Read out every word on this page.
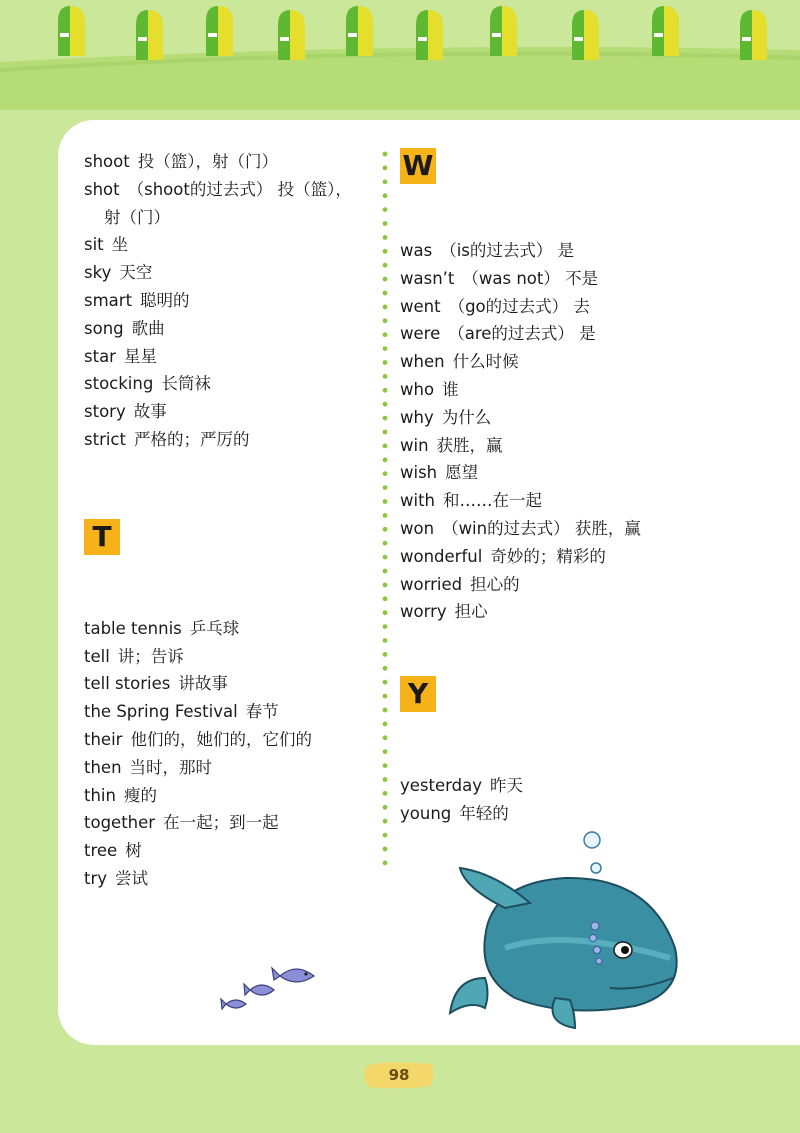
shoot 投（篮），射（门）
shot （shoot的过去式） 投（篮），
射（门）
sit 坐
sky 天空
smart 聪明的
song 歌曲
star 星星
stocking 长筒袜
story 故事
strict 严格的；严厉的
T
table tennis 乒乓球
tell 讲；告诉
tell stories 讲故事
the Spring Festival 春节
their 他们的，她们的，它们的
then 当时，那时
thin 瘦的
together 在一起；到一起
tree 树
try 尝试
W
was （is的过去式） 是
wasn’t （was not） 不是
went （go的过去式） 去
were （are的过去式） 是
when 什么时候
who 谁
why 为什么
win 获胜，赢
wish 愿望
with 和……在一起
won （win的过去式） 获胜，赢
wonderful 奇妙的；精彩的
worried 担心的
worry 担心
Y
yesterday 昨天
young 年轻的
98
